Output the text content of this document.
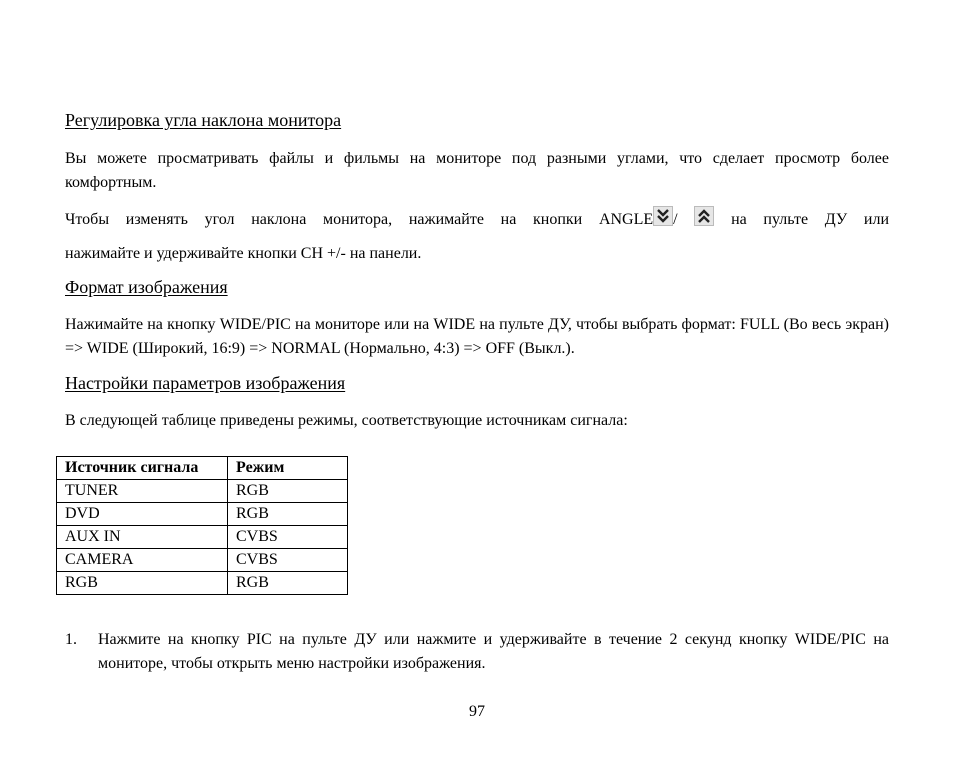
Регулировка угла наклона монитора

Вы можете просматривать файлы и фильмы на мониторе под разными углами, что сделает просмотр более комфортным.

Чтобы изменять угол наклона монитора, нажимайте на кнопки ANGLE /	на пульте ДУ или
нажимайте и удерживайте кнопки CH +/- на панели.

Формат изображения

Нажимайте на кнопку WIDE/PIC на мониторе или на WIDE на пульте ДУ, чтобы выбрать формат: FULL (Во весь экран) => WIDE (Широкий, 16:9) => NORMAL (Нормально, 4:3) => OFF (Выкл.).

Настройки параметров изображения

В следующей таблице приведены режимы, соответствующие источникам сигнала:

Источник сигнала	Режим
TUNER	RGB
DVD	RGB
AUX IN	CVBS
CAMERA	CVBS
RGB	RGB
1. Нажмите на кнопку PIC на пульте ДУ или нажмите и удерживайте в течение 2 секунд кнопку WIDE/PIC на мониторе, чтобы открыть меню настройки изображения.
97
